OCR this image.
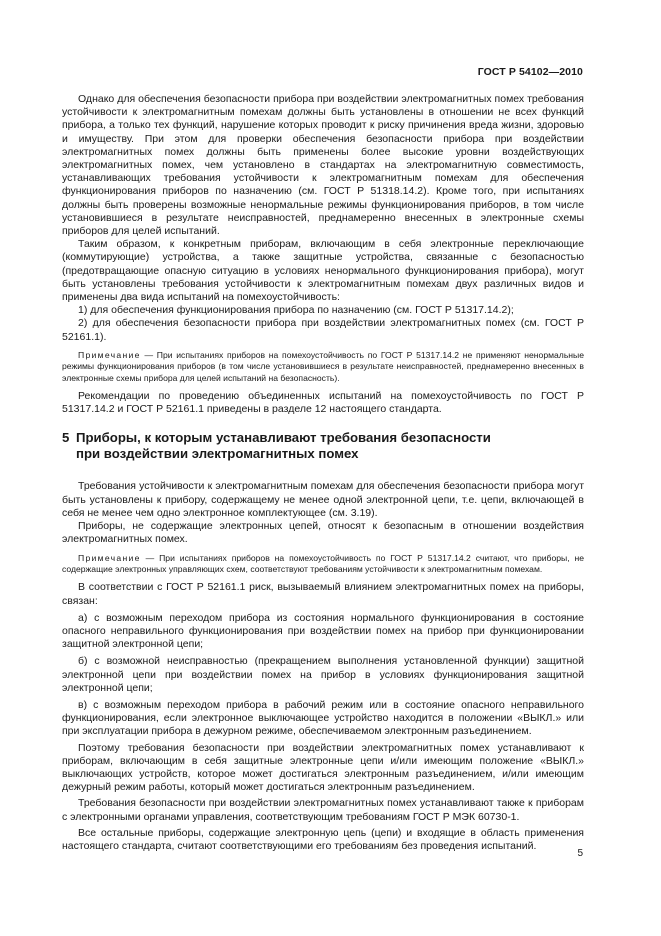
ГОСТ Р 54102—2010

Однако для обеспечения безопасности прибора при воздействии электромагнитных помех требования устойчивости к электромагнитным помехам должны быть установлены в отношении не всех функций прибора, а только тех функций, нарушение которых проводит к риску причинения вреда жизни, здоровью и имуществу. При этом для проверки обеспечения безопасности прибора при воздействии электромагнитных помех должны быть применены более высокие уровни воздействующих электромагнитных помех, чем установлено в стандартах на электромагнитную совместимость, устанавливающих требования устойчивости к электромагнитным помехам для обеспечения функционирования приборов по назначению (см. ГОСТ Р 51318.14.2). Кроме того, при испытаниях должны быть проверены возможные ненормальные режимы функционирования приборов, в том числе установившиеся в результате неисправностей, преднамеренно внесенных в электронные схемы приборов для целей испытаний.

Таким образом, к конкретным приборам, включающим в себя электронные переключающие (коммутирующие) устройства, а также защитные устройства, связанные с безопасностью (предотвращающие опасную ситуацию в условиях ненормального функционирования прибора), могут быть установлены требования устойчивости к электромагнитным помехам двух различных видов и применены два вида испытаний на помехоустойчивость:

1) для обеспечения функционирования прибора по назначению (см. ГОСТ Р 51317.14.2);

2) для обеспечения безопасности прибора при воздействии электромагнитных помех (см. ГОСТ Р 52161.1).

Примечание — При испытаниях приборов на помехоустойчивость по ГОСТ Р 51317.14.2 не применяют ненормальные режимы функционирования приборов (в том числе установившиеся в результате неисправностей, преднамеренно внесенных в электронные схемы прибора для целей испытаний на безопасность).

Рекомендации по проведению объединенных испытаний на помехоустойчивость по ГОСТ Р 51317.14.2 и ГОСТ Р 52161.1 приведены в разделе 12 настоящего стандарта.

5 Приборы, к которым устанавливают требования безопасности
при воздействии электромагнитных помех

Требования устойчивости к электромагнитным помехам для обеспечения безопасности прибора могут быть установлены к прибору, содержащему не менее одной электронной цепи, т.е. цепи, включающей в себя не менее чем одно электронное комплектующее (см. 3.19).

Приборы, не содержащие электронных цепей, относят к безопасным в отношении воздействия электромагнитных помех.

Примечание — При испытаниях приборов на помехоустойчивость по ГОСТ Р 51317.14.2 считают, что приборы, не содержащие электронных управляющих схем, соответствуют требованиям устойчивости к электромагнитным помехам.

В соответствии с ГОСТ Р 52161.1 риск, вызываемый влиянием электромагнитных помех на приборы, связан:

а) с возможным переходом прибора из состояния нормального функционирования в состояние опасного неправильного функционирования при воздействии помех на прибор при функционировании защитной электронной цепи;

б) с возможной неисправностью (прекращением выполнения установленной функции) защитной электронной цепи при воздействии помех на прибор в условиях функционирования защитной электронной цепи;

в) с возможным переходом прибора в рабочий режим или в состояние опасного неправильного функционирования, если электронное выключающее устройство находится в положении «ВЫКЛ.» или при эксплуатации прибора в дежурном режиме, обеспечиваемом электронным разъединением.

Поэтому требования безопасности при воздействии электромагнитных помех устанавливают к приборам, включающим в себя защитные электронные цепи и/или имеющим положение «ВЫКЛ.» выключающих устройств, которое может достигаться электронным разъединением, и/или имеющим дежурный режим работы, который может достигаться электронным разъединением.

Требования безопасности при воздействии электромагнитных помех устанавливают также к приборам с электронными органами управления, соответствующим требованиям ГОСТ Р МЭК 60730-1.

Все остальные приборы, содержащие электронную цепь (цепи) и входящие в область применения настоящего стандарта, считают соответствующими его требованиям без проведения испытаний.

5
